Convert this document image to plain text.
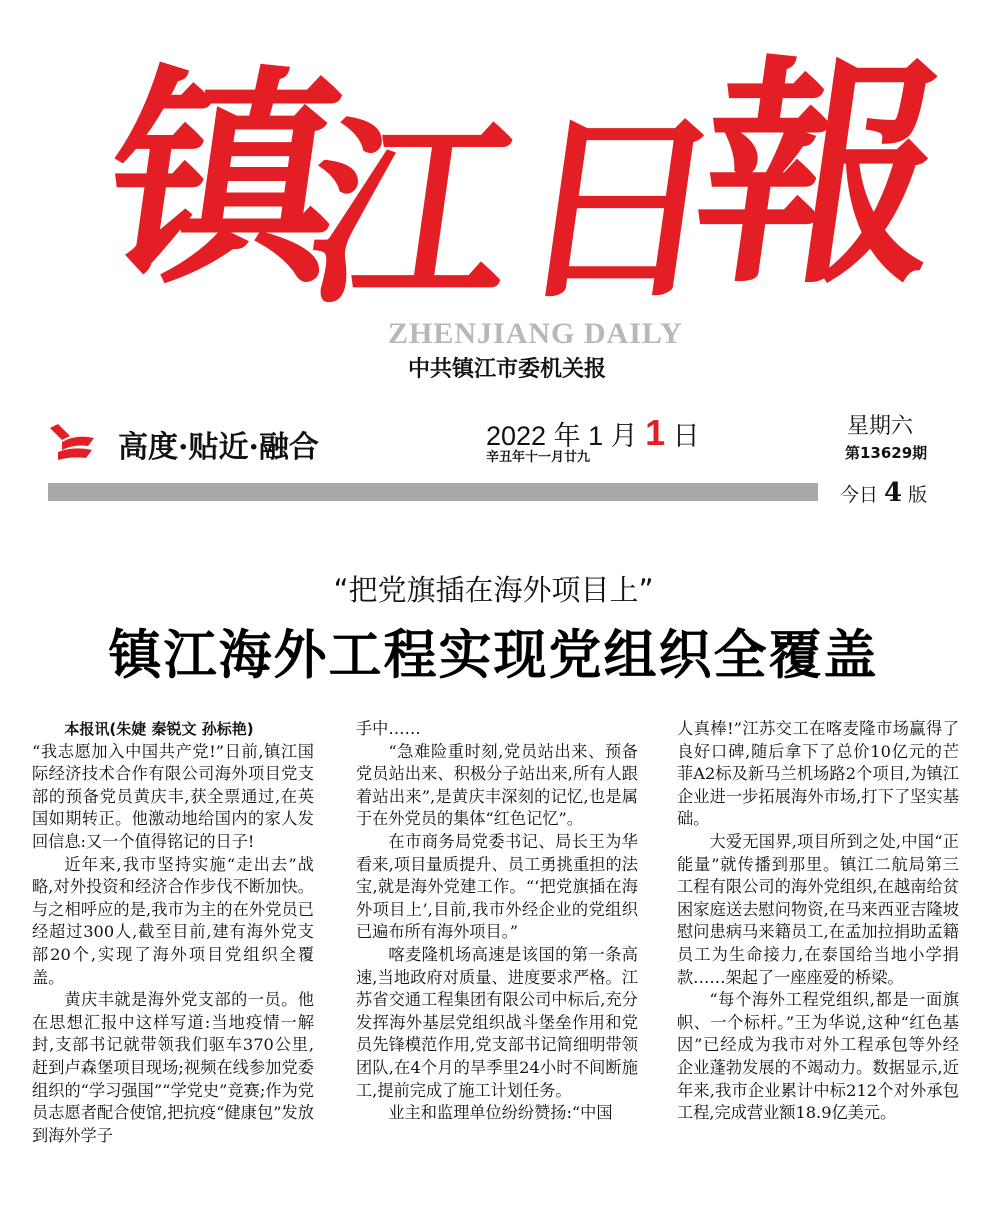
镇
江
日
報
ZHENJIANG DAILY
中共镇江市委机关报
高度·贴近·融合	2022 年 1 月 1 日
辛丑年十一月廿九
星期六
第13629期
今日 4 版
“把党旗插在海外项目上”
镇江海外工程实现党组织全覆盖

本报讯(朱婕 秦锐文 孙标艳)

“我志愿加入中国共产党!”日前,镇江国际经济技术合作有限公司海外项目党支部的预备党员黄庆丰,获全票通过,在英国如期转正。他激动地给国内的家人发回信息:又一个值得铭记的日子!

近年来,我市坚持实施“走出去”战略,对外投资和经济合作步伐不断加快。与之相呼应的是,我市为主的在外党员已经超过300人,截至目前,建有海外党支部20个,实现了海外项目党组织全覆盖。

黄庆丰就是海外党支部的一员。他在思想汇报中这样写道:当地疫情一解封,支部书记就带领我们驱车370公里,赶到卢森堡项目现场;视频在线参加党委组织的“学习强国”“学党史”竞赛;作为党员志愿者配合使馆,把抗疫“健康包”发放到海外学子

手中……

“急难险重时刻,党员站出来、预备党员站出来、积极分子站出来,所有人跟着站出来”,是黄庆丰深刻的记忆,也是属于在外党员的集体“红色记忆”。

在市商务局党委书记、局长王为华看来,项目量质提升、员工勇挑重担的法宝,就是海外党建工作。“‘把党旗插在海外项目上’,目前,我市外经企业的党组织已遍布所有海外项目。”

喀麦隆机场高速是该国的第一条高速,当地政府对质量、进度要求严格。江苏省交通工程集团有限公司中标后,充分发挥海外基层党组织战斗堡垒作用和党员先锋模范作用,党支部书记简细明带领团队,在4个月的旱季里24小时不间断施工,提前完成了施工计划任务。

业主和监理单位纷纷赞扬:“中国

人真棒!”江苏交工在喀麦隆市场赢得了良好口碑,随后拿下了总价10亿元的芒菲A2标及新马兰机场路2个项目,为镇江企业进一步拓展海外市场,打下了坚实基础。

大爱无国界,项目所到之处,中国“正能量”就传播到那里。镇江二航局第三工程有限公司的海外党组织,在越南给贫困家庭送去慰问物资,在马来西亚吉隆坡慰问患病马来籍员工,在孟加拉捐助孟籍员工为生命接力,在泰国给当地小学捐款……架起了一座座爱的桥梁。

“每个海外工程党组织,都是一面旗帜、一个标杆。”王为华说,这种“红色基因”已经成为我市对外工程承包等外经企业蓬勃发展的不竭动力。数据显示,近年来,我市企业累计中标212个对外承包工程,完成营业额18.9亿美元。
